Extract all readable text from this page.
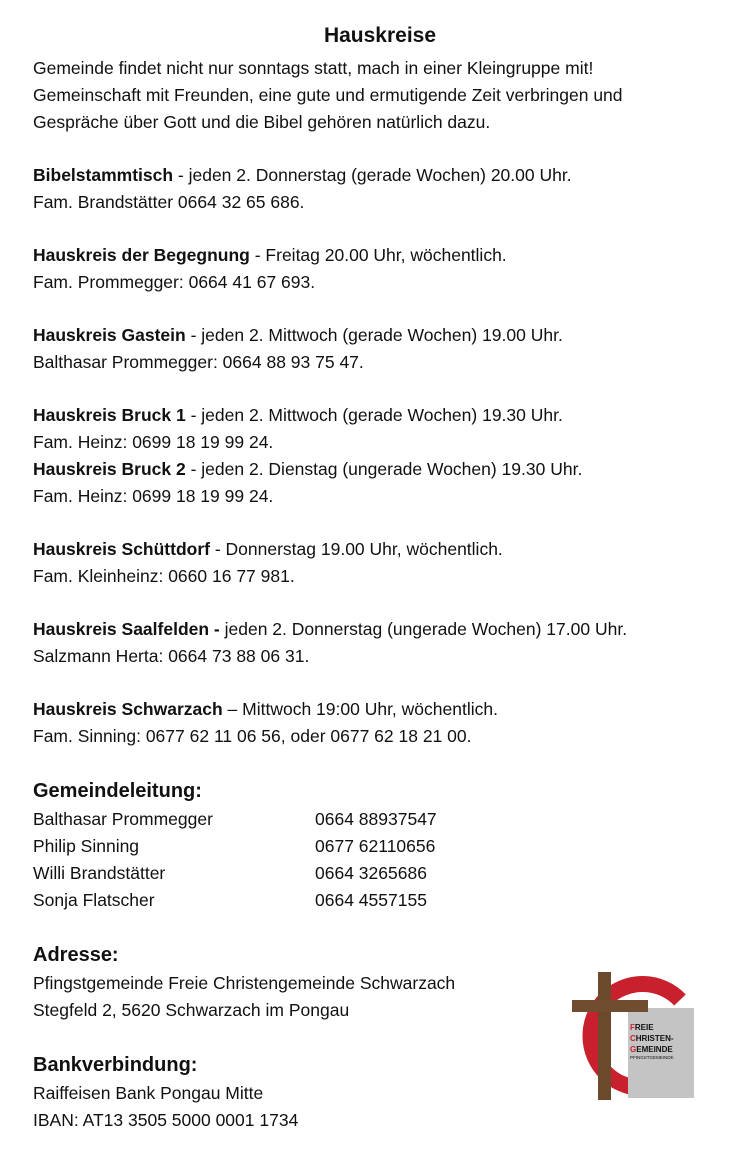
Hauskreise
Gemeinde findet nicht nur sonntags statt, mach in einer Kleingruppe mit!
Gemeinschaft mit Freunden, eine gute und ermutigende Zeit verbringen und
Gespräche über Gott und die Bibel gehören natürlich dazu.
Bibelstammtisch - jeden 2. Donnerstag (gerade Wochen) 20.00 Uhr.
Fam. Brandstätter 0664 32 65 686.
Hauskreis der Begegnung - Freitag 20.00 Uhr, wöchentlich.
Fam. Prommegger: 0664 41 67 693.
Hauskreis Gastein - jeden 2. Mittwoch (gerade Wochen) 19.00 Uhr.
Balthasar Prommegger: 0664 88 93 75 47.
Hauskreis Bruck 1 - jeden 2. Mittwoch (gerade Wochen) 19.30 Uhr.
Fam. Heinz: 0699 18 19 99 24.
Hauskreis Bruck 2 - jeden 2. Dienstag (ungerade Wochen) 19.30 Uhr.
Fam. Heinz: 0699 18 19 99 24.
Hauskreis Schüttdorf - Donnerstag 19.00 Uhr, wöchentlich.
Fam. Kleinheinz: 0660 16 77 981.
Hauskreis Saalfelden - jeden 2. Donnerstag (ungerade Wochen) 17.00 Uhr.
Salzmann Herta: 0664 73 88 06 31.
Hauskreis Schwarzach – Mittwoch 19:00 Uhr, wöchentlich.
Fam. Sinning: 0677 62 11 06 56, oder 0677 62 18 21 00.
Gemeindeleitung:
Balthasar Prommegger	0664 88937547
Philip Sinning	0677 62110656
Willi Brandstätter	0664 3265686
Sonja Flatscher	0664 4557155
Adresse:
Pfingstgemeinde Freie Christengemeinde Schwarzach
Stegfeld 2, 5620 Schwarzach im Pongau
Bankverbindung:
Raiffeisen Bank Pongau Mitte
IBAN: AT13 3505 5000 0001 1734
FREIE
CHRISTEN-
GEMEINDE
PFINGSTGEMEINDE
